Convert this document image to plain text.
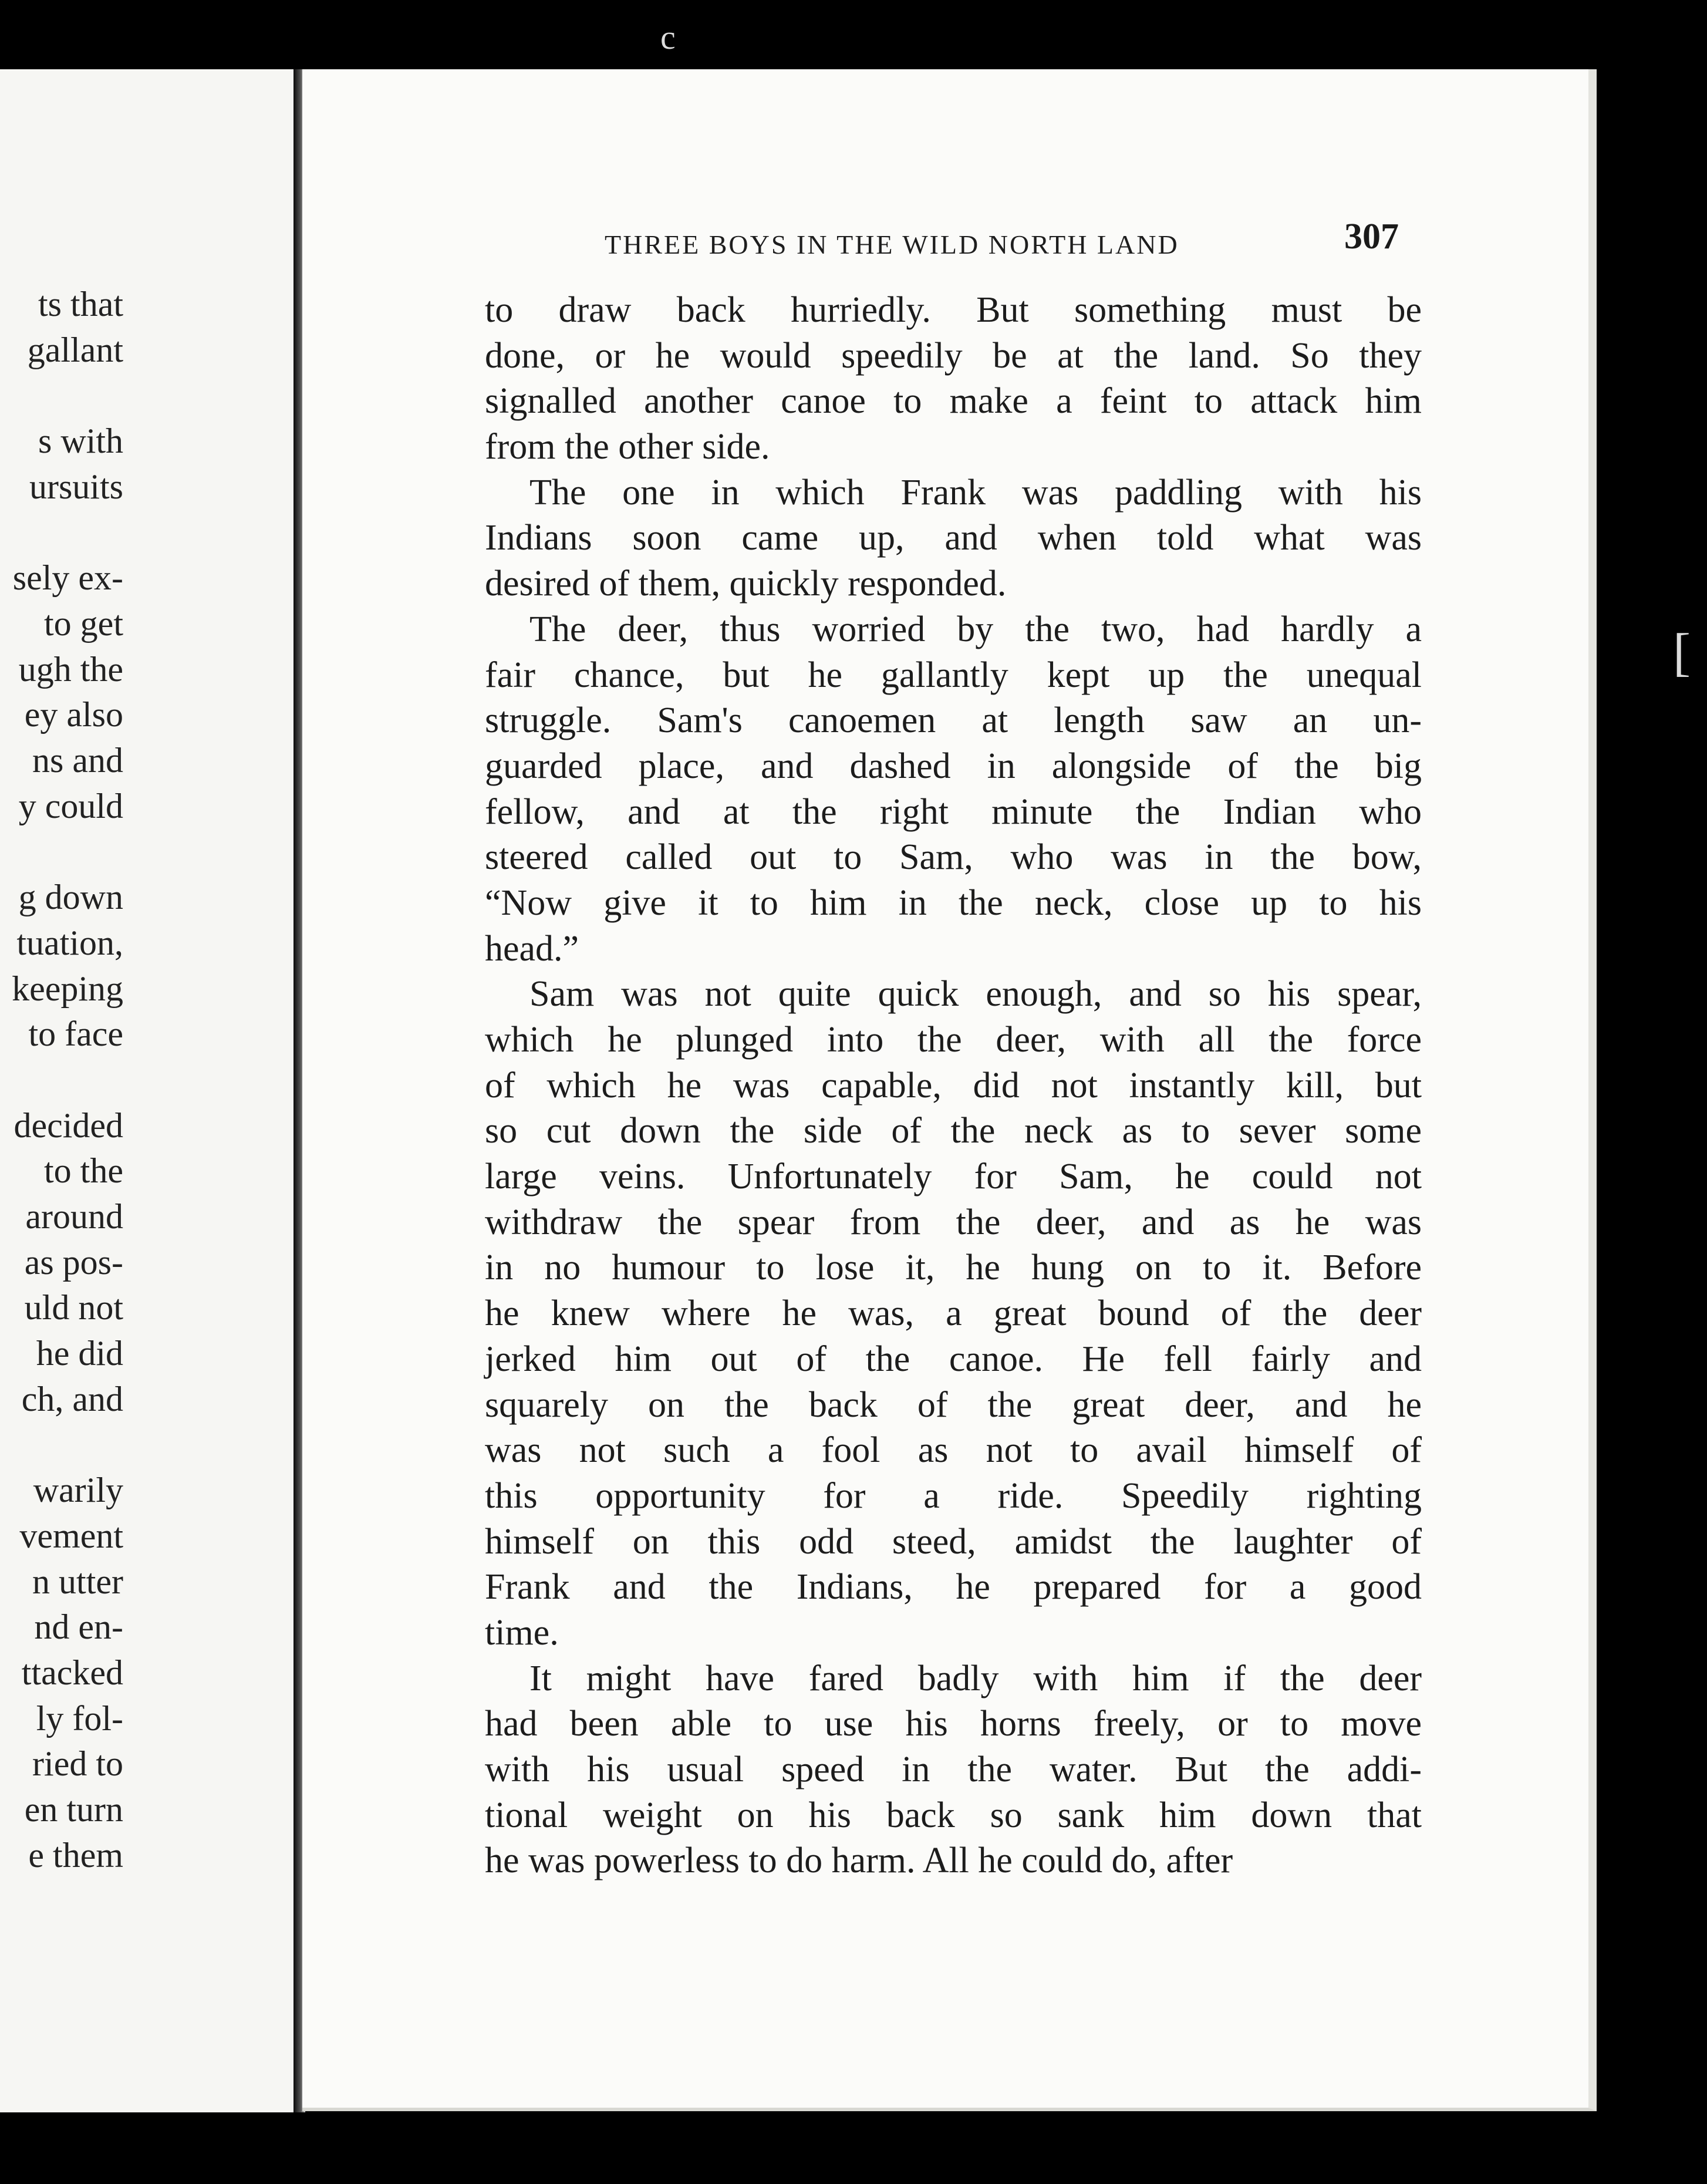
ts that
gallant
s with
ursuits
sely ex-
to get
ugh the
ey also
ns and
y could
g down
tuation,
keeping
to face
decided
to the
around
as pos-
uld not
he did
ch, and
warily
vement
n utter
nd en-
ttacked
ly fol-
ried to
en turn
e them
THREE BOYS IN THE WILD NORTH LAND	307
to draw back hurriedly. But something must be
done, or he would speedily be at the land. So they
signalled another canoe to make a feint to attack him
from the other side.
The one in which Frank was paddling with his
Indians soon came up, and when told what was
desired of them, quickly responded.
The deer, thus worried by the two, had hardly a
fair chance, but he gallantly kept up the unequal
struggle. Sam's canoemen at length saw an un-
guarded place, and dashed in alongside of the big
fellow, and at the right minute the Indian who
steered called out to Sam, who was in the bow,
“Now give it to him in the neck, close up to his
head.”
Sam was not quite quick enough, and so his spear,
which he plunged into the deer, with all the force
of which he was capable, did not instantly kill, but
so cut down the side of the neck as to sever some
large veins. Unfortunately for Sam, he could not
withdraw the spear from the deer, and as he was
in no humour to lose it, he hung on to it. Before
he knew where he was, a great bound of the deer
jerked him out of the canoe. He fell fairly and
squarely on the back of the great deer, and he
was not such a fool as not to avail himself of
this opportunity for a ride. Speedily righting
himself on this odd steed, amidst the laughter of
Frank and the Indians, he prepared for a good
time.
It might have fared badly with him if the deer
had been able to use his horns freely, or to move
with his usual speed in the water. But the addi-
tional weight on his back so sank him down that
he was powerless to do harm. All he could do, after
c
[
